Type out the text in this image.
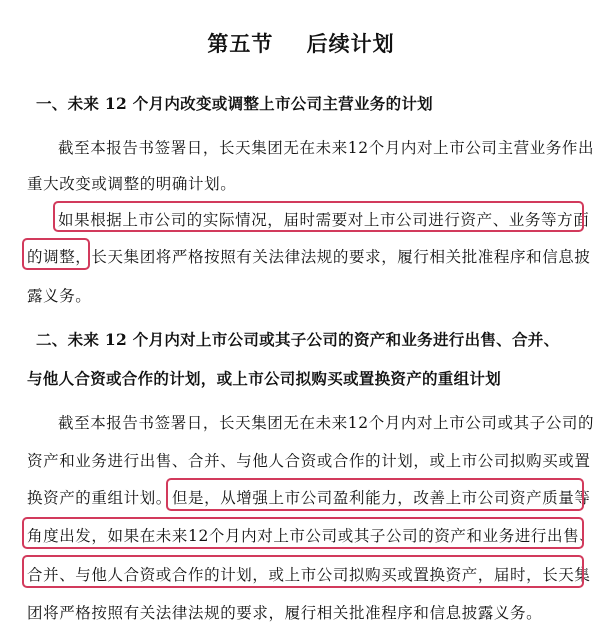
第五节    后续计划
一、未来 12 个月内改变或调整上市公司主营业务的计划
截至本报告书签署日，长天集团无在未来12个月内对上市公司主营业务作出
重大改变或调整的明确计划。
如果根据上市公司的实际情况，届时需要对上市公司进行资产、业务等方面
的调整，长天集团将严格按照有关法律法规的要求，履行相关批准程序和信息披
露义务。
二、未来 12 个月内对上市公司或其子公司的资产和业务进行出售、合并、
与他人合资或合作的计划，或上市公司拟购买或置换资产的重组计划
截至本报告书签署日，长天集团无在未来12个月内对上市公司或其子公司的
资产和业务进行出售、合并、与他人合资或合作的计划，或上市公司拟购买或置
换资产的重组计划。但是，从增强上市公司盈利能力，改善上市公司资产质量等
角度出发，如果在未来12个月内对上市公司或其子公司的资产和业务进行出售、
合并、与他人合资或合作的计划，或上市公司拟购买或置换资产，届时，长天集
团将严格按照有关法律法规的要求，履行相关批准程序和信息披露义务。
